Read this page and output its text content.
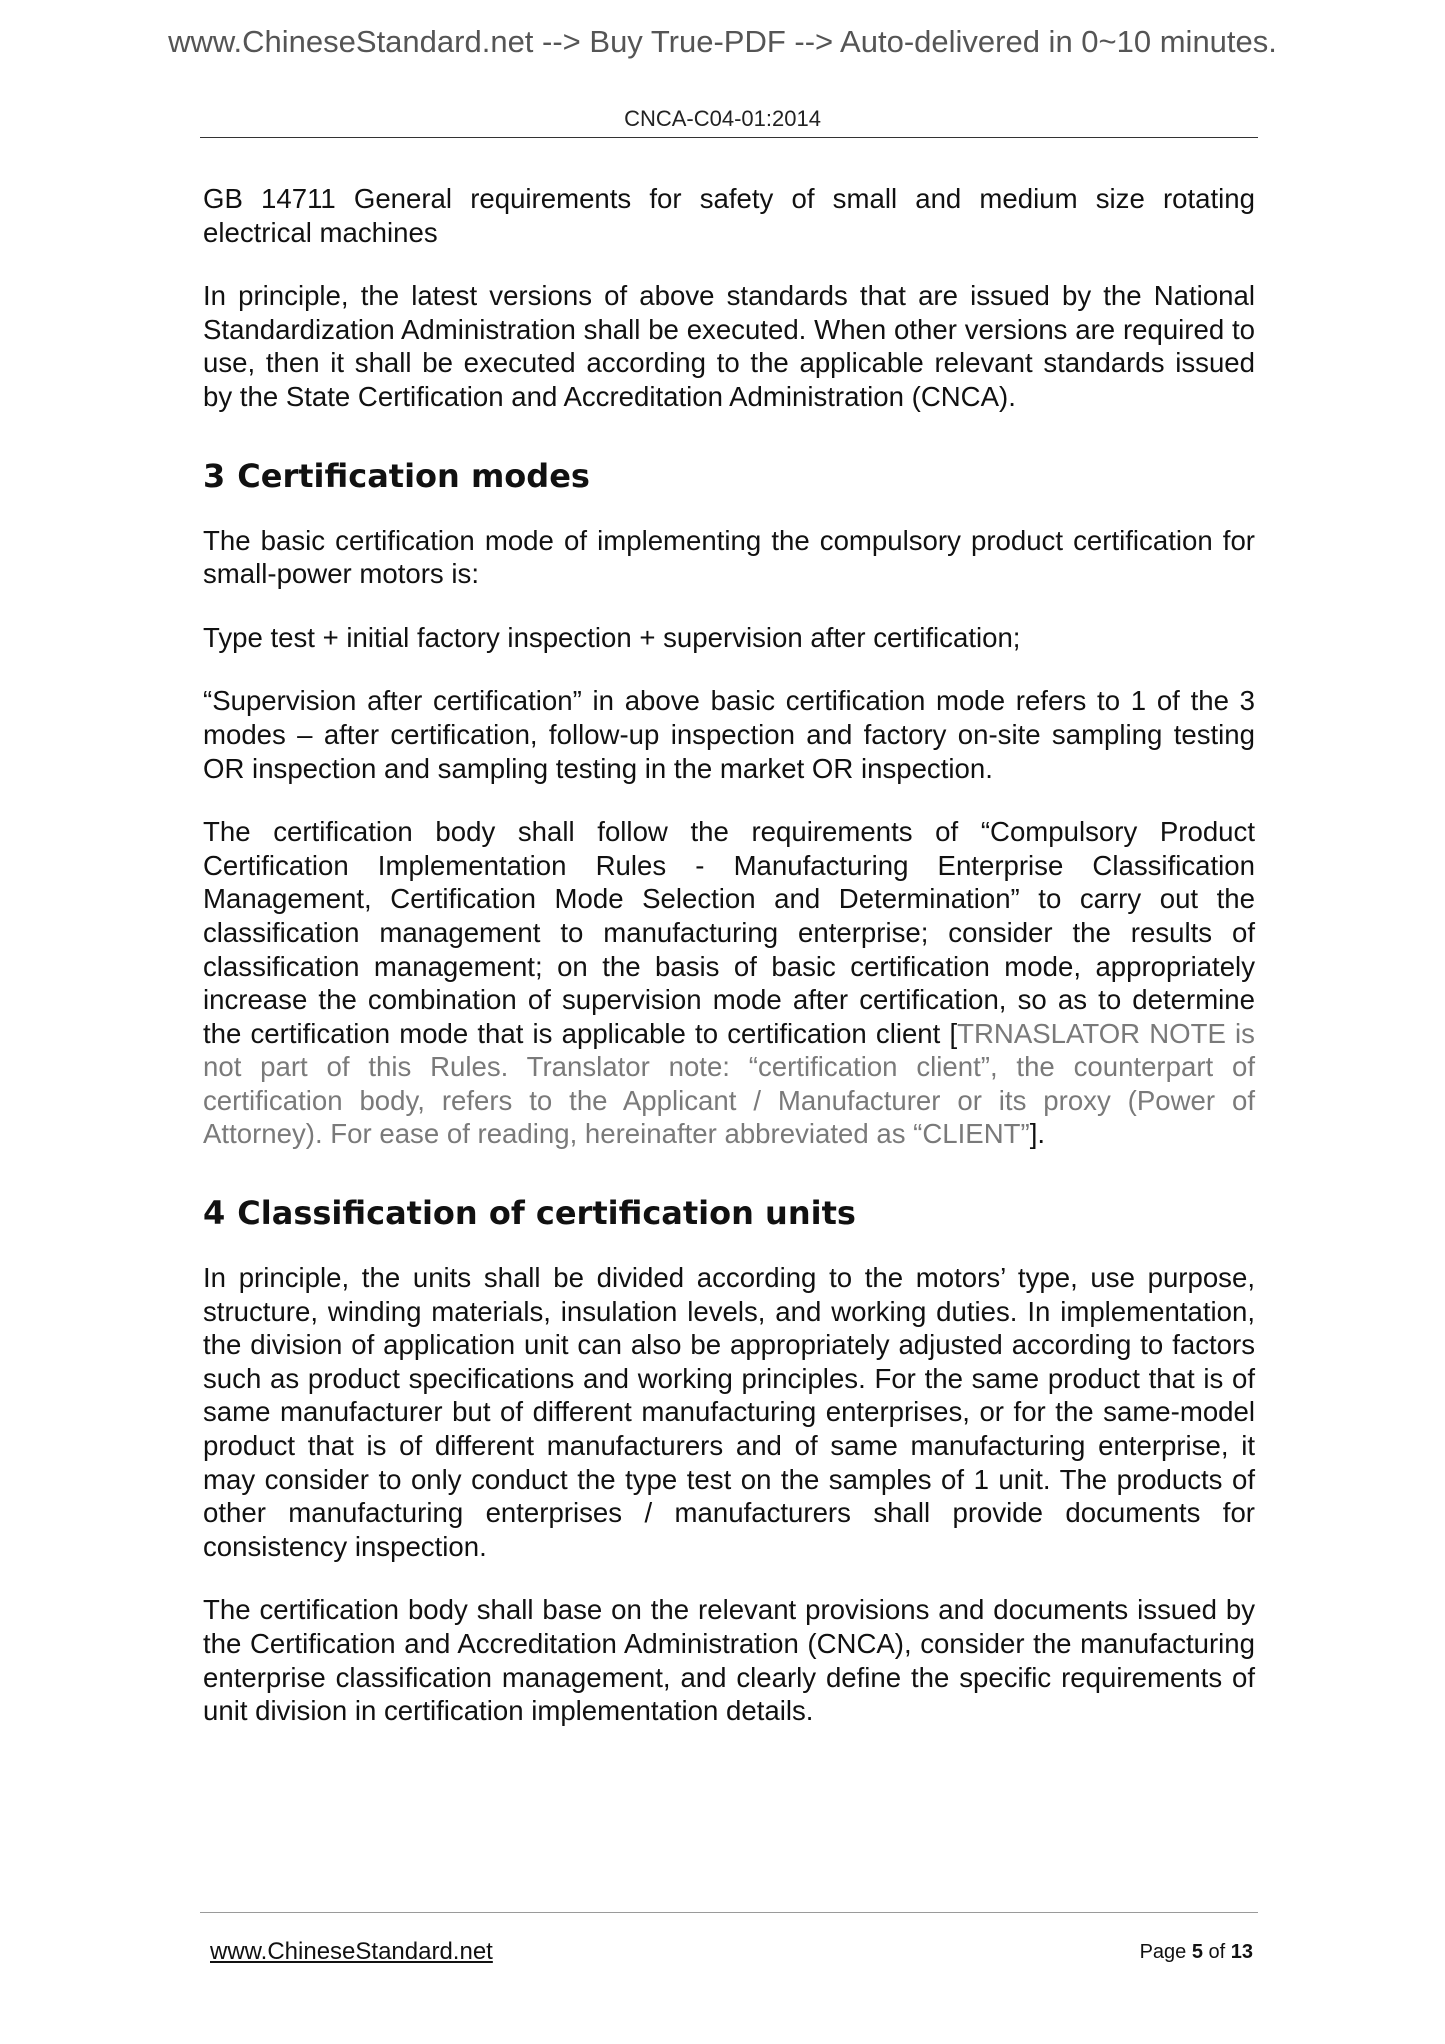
www.ChineseStandard.net --> Buy True-PDF --> Auto-delivered in 0~10 minutes.
CNCA-C04-01:2014

GB 14711 General requirements for safety of small and medium size rotating electrical machines

In principle, the latest versions of above standards that are issued by the National Standardization Administration shall be executed. When other versions are required to use, then it shall be executed according to the applicable relevant standards issued by the State Certification and Accreditation Administration (CNCA).

3 Certification modes

The basic certification mode of implementing the compulsory product certification for small-power motors is:

Type test + initial factory inspection + supervision after certification;

“Supervision after certification” in above basic certification mode refers to 1 of the 3 modes – after certification, follow-up inspection and factory on-site sampling testing OR inspection and sampling testing in the market OR inspection.

The certification body shall follow the requirements of “Compulsory Product Certification Implementation Rules - Manufacturing Enterprise Classification Management, Certification Mode Selection and Determination” to carry out the classification management to manufacturing enterprise; consider the results of classification management; on the basis of basic certification mode, appropriately increase the combination of supervision mode after certification, so as to determine the certification mode that is applicable to certification client [TRNASLATOR NOTE is not part of this Rules. Translator note: “certification client”, the counterpart of certification body, refers to the Applicant / Manufacturer or its proxy (Power of Attorney). For ease of reading, hereinafter abbreviated as “CLIENT”].

4 Classification of certification units

In principle, the units shall be divided according to the motors’ type, use purpose, structure, winding materials, insulation levels, and working duties. In implementation, the division of application unit can also be appropriately adjusted according to factors such as product specifications and working principles. For the same product that is of same manufacturer but of different manufacturing enterprises, or for the same-model product that is of different manufacturers and of same manufacturing enterprise, it may consider to only conduct the type test on the samples of 1 unit. The products of other manufacturing enterprises / manufacturers shall provide documents for consistency inspection.

The certification body shall base on the relevant provisions and documents issued by the Certification and Accreditation Administration (CNCA), consider the manufacturing enterprise classification management, and clearly define the specific requirements of unit division in certification implementation details.

www.ChineseStandard.net	Page 5 of 13
